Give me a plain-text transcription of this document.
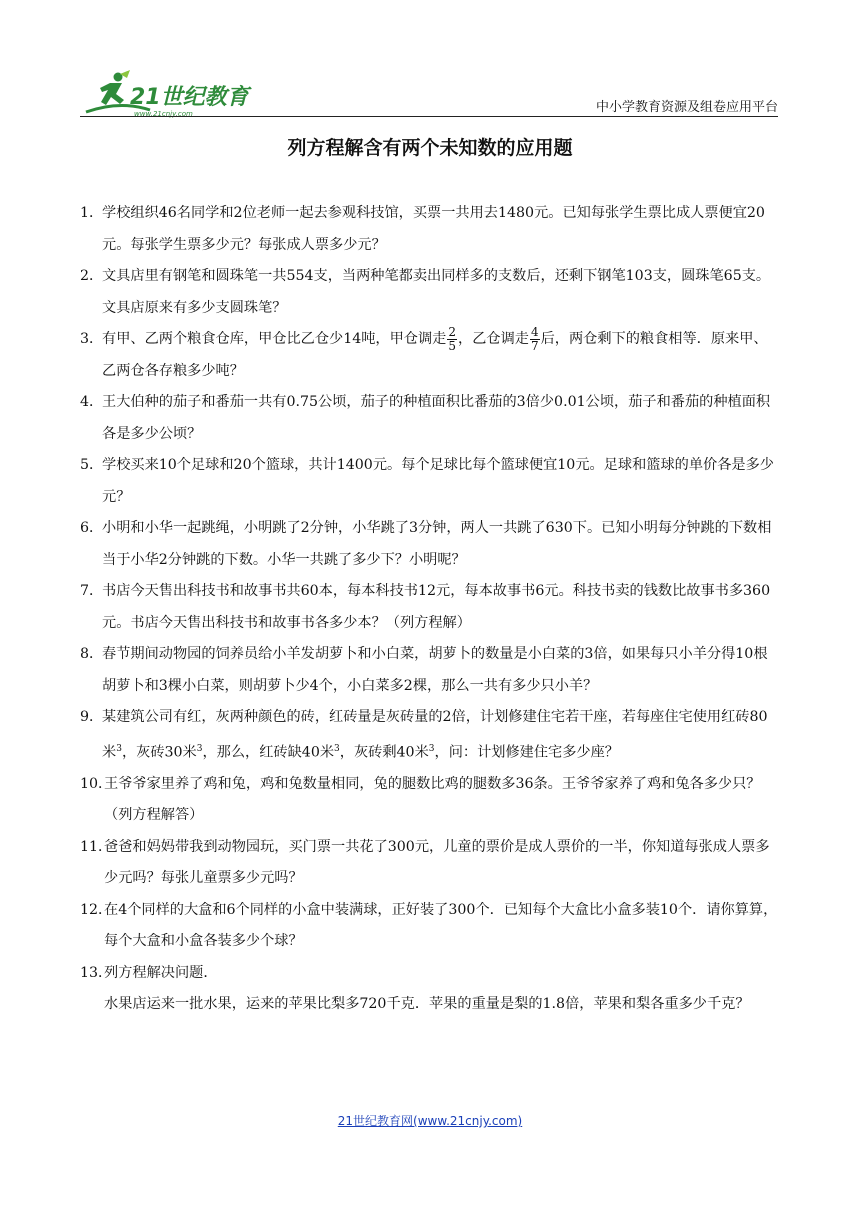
21世纪教育
www.21cnjy.com	中小学教育资源及组卷应用平台
列方程解含有两个未知数的应用题

1．
学校组织46名同学和2位老师一起去参观科技馆，买票一共用去1480元。已知每张学生票比成人票便宜20元。每张学生票多少元？每张成人票多少元？

2．
文具店里有钢笔和圆珠笔一共554支，当两种笔都卖出同样多的支数后，还剩下钢笔103支，圆珠笔65支。文具店原来有多少支圆珠笔？

3．
有甲、乙两个粮食仓库，甲仓比乙仓少14吨，甲仓调走 $\frac{2}{5}$ ，乙仓调走 $\frac{4}{7}$ 后，两仓剩下的粮食相等．原来甲、乙两仓各存粮多少吨？

4．
王大伯种的茄子和番茄一共有0.75公顷，茄子的种植面积比番茄的3倍少0.01公顷，茄子和番茄的种植面积各是多少公顷？

5．
学校买来10个足球和20个篮球，共计1400元。每个足球比每个篮球便宜10元。足球和篮球的单价各是多少元？

6．
小明和小华一起跳绳，小明跳了2分钟，小华跳了3分钟，两人一共跳了630下。已知小明每分钟跳的下数相当于小华2分钟跳的下数。小华一共跳了多少下？小明呢？

7．
书店今天售出科技书和故事书共60本，每本科技书12元，每本故事书6元。科技书卖的钱数比故事书多360元。书店今天售出科技书和故事书各多少本？（列方程解）

8．
春节期间动物园的饲养员给小羊发胡萝卜和小白菜，胡萝卜的数量是小白菜的3倍，如果每只小羊分得10根胡萝卜和3棵小白菜，则胡萝卜少4个，小白菜多2棵，那么一共有多少只小羊？

9．
某建筑公司有红，灰两种颜色的砖，红砖量是灰砖量的2倍，计划修建住宅若干座，若每座住宅使用红砖80米$^3$，灰砖30米$^3$，那么，红砖缺40米$^3$，灰砖剩40米$^3$，问：计划修建住宅多少座？

10．
王爷爷家里养了鸡和兔，鸡和兔数量相同，兔的腿数比鸡的腿数多36条。王爷爷家养了鸡和兔各多少只？（列方程解答）

11．
爸爸和妈妈带我到动物园玩，买门票一共花了300元，儿童的票价是成人票价的一半，你知道每张成人票多少元吗？每张儿童票多少元吗？

12．
在4个同样的大盒和6个同样的小盒中装满球，正好装了300个．已知每个大盒比小盒多装10个．请你算算，每个大盒和小盒各装多少个球？

13．
列方程解决问题．

水果店运来一批水果，运来的苹果比梨多720千克．苹果的重量是梨的1.8倍，苹果和梨各重多少千克？

21世纪教育网(www.21cnjy.com)
